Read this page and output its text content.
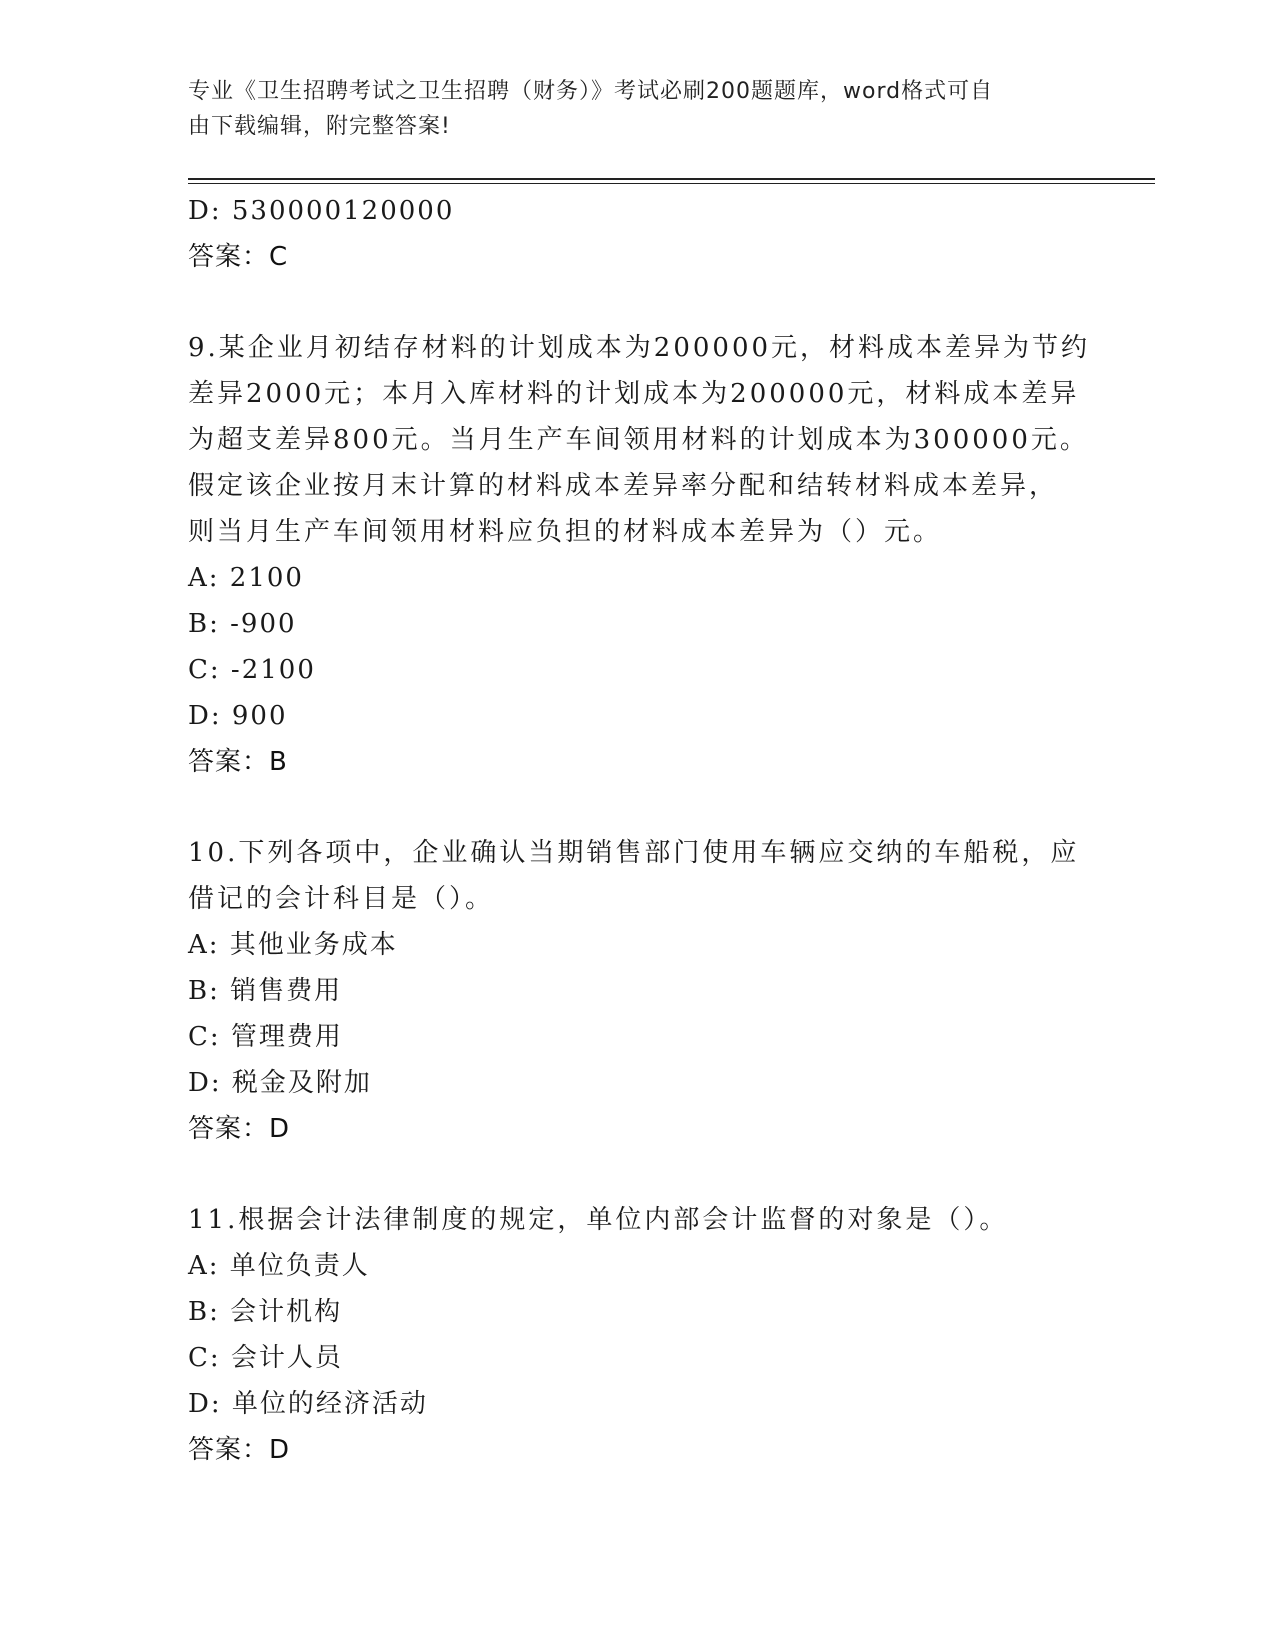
专业《卫生招聘考试之卫生招聘（财务）》考试必刷200题题库，word格式可自
由下载编辑，附完整答案!
D: 530000120000
答案：C
9.某企业月初结存材料的计划成本为200000元，材料成本差异为节约
差异2000元；本月入库材料的计划成本为200000元，材料成本差异
为超支差异800元。当月生产车间领用材料的计划成本为300000元。
假定该企业按月末计算的材料成本差异率分配和结转材料成本差异，
则当月生产车间领用材料应负担的材料成本差异为（）元。
A: 2100
B: -900
C: -2100
D: 900
答案：B
10.下列各项中，企业确认当期销售部门使用车辆应交纳的车船税，应
借记的会计科目是（）。
A: 其他业务成本
B: 销售费用
C: 管理费用
D: 税金及附加
答案：D
11.根据会计法律制度的规定，单位内部会计监督的对象是（）。
A: 单位负责人
B: 会计机构
C: 会计人员
D: 单位的经济活动
答案：D
